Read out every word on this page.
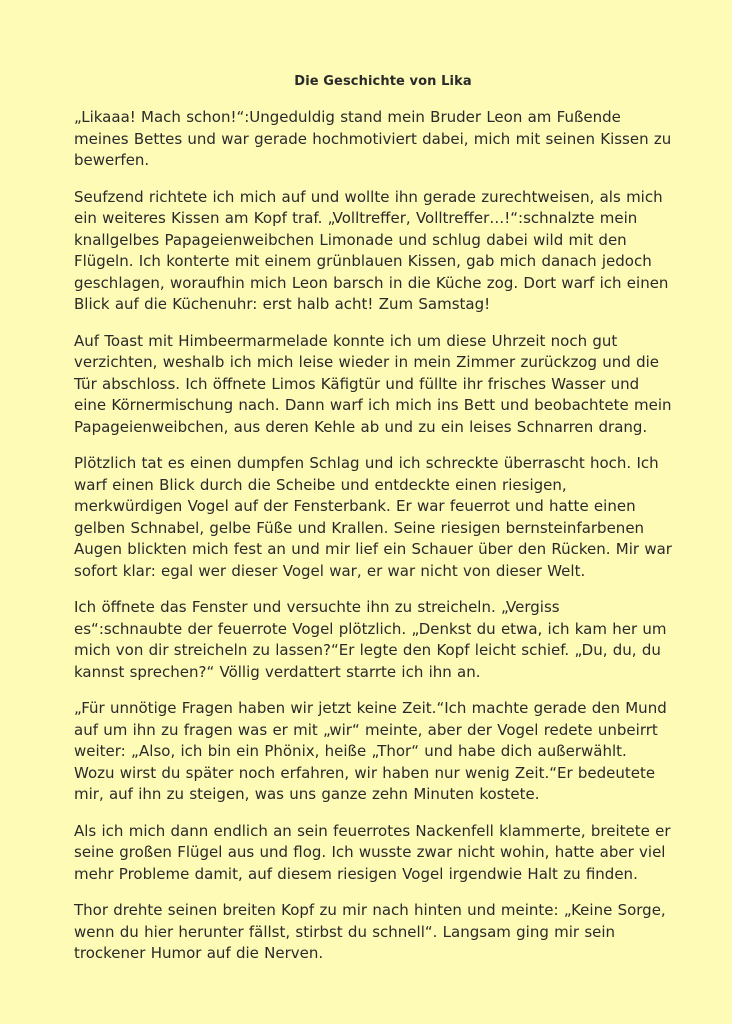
Die Geschichte von Lika

„Likaaa! Mach schon!“:Ungeduldig stand mein Bruder Leon am Fußende meines Bettes und war gerade hochmotiviert dabei, mich mit seinen Kissen zu bewerfen.

Seufzend richtete ich mich auf und wollte ihn gerade zurechtweisen, als mich ein weiteres Kissen am Kopf traf. „Volltreffer, Volltreffer…!“:schnalzte mein knallgelbes Papageienweibchen Limonade und schlug dabei wild mit den Flügeln. Ich konterte mit einem grünblauen Kissen, gab mich danach jedoch geschlagen, woraufhin mich Leon barsch in die Küche zog. Dort warf ich einen Blick auf die Küchenuhr: erst halb acht! Zum Samstag!

Auf Toast mit Himbeermarmelade konnte ich um diese Uhrzeit noch gut verzichten, weshalb ich mich leise wieder in mein Zimmer zurückzog und die Tür abschloss. Ich öffnete Limos Käfigtür und füllte ihr frisches Wasser und eine Körnermischung nach. Dann warf ich mich ins Bett und beobachtete mein Papageienweibchen, aus deren Kehle ab und zu ein leises Schnarren drang.

Plötzlich tat es einen dumpfen Schlag und ich schreckte überrascht hoch. Ich warf einen Blick durch die Scheibe und entdeckte einen riesigen, merkwürdigen Vogel auf der Fensterbank. Er war feuerrot und hatte einen gelben Schnabel, gelbe Füße und Krallen. Seine riesigen bernsteinfarbenen Augen blickten mich fest an und mir lief ein Schauer über den Rücken. Mir war sofort klar: egal wer dieser Vogel war, er war nicht von dieser Welt.

Ich öffnete das Fenster und versuchte ihn zu streicheln. „Vergiss es“:schnaubte der feuerrote Vogel plötzlich. „Denkst du etwa, ich kam her um mich von dir streicheln zu lassen?“Er legte den Kopf leicht schief. „Du, du, du kannst sprechen?“ Völlig verdattert starrte ich ihn an.

„Für unnötige Fragen haben wir jetzt keine Zeit.“Ich machte gerade den Mund auf um ihn zu fragen was er mit „wir“ meinte, aber der Vogel redete unbeirrt weiter: „Also, ich bin ein Phönix, heiße „Thor“ und habe dich außerwählt. Wozu wirst du später noch erfahren, wir haben nur wenig Zeit.“Er bedeutete mir, auf ihn zu steigen, was uns ganze zehn Minuten kostete.

Als ich mich dann endlich an sein feuerrotes Nackenfell klammerte, breitete er seine großen Flügel aus und flog. Ich wusste zwar nicht wohin, hatte aber viel mehr Probleme damit, auf diesem riesigen Vogel irgendwie Halt zu finden.

Thor drehte seinen breiten Kopf zu mir nach hinten und meinte: „Keine Sorge, wenn du hier herunter fällst, stirbst du schnell“. Langsam ging mir sein trockener Humor auf die Nerven.
